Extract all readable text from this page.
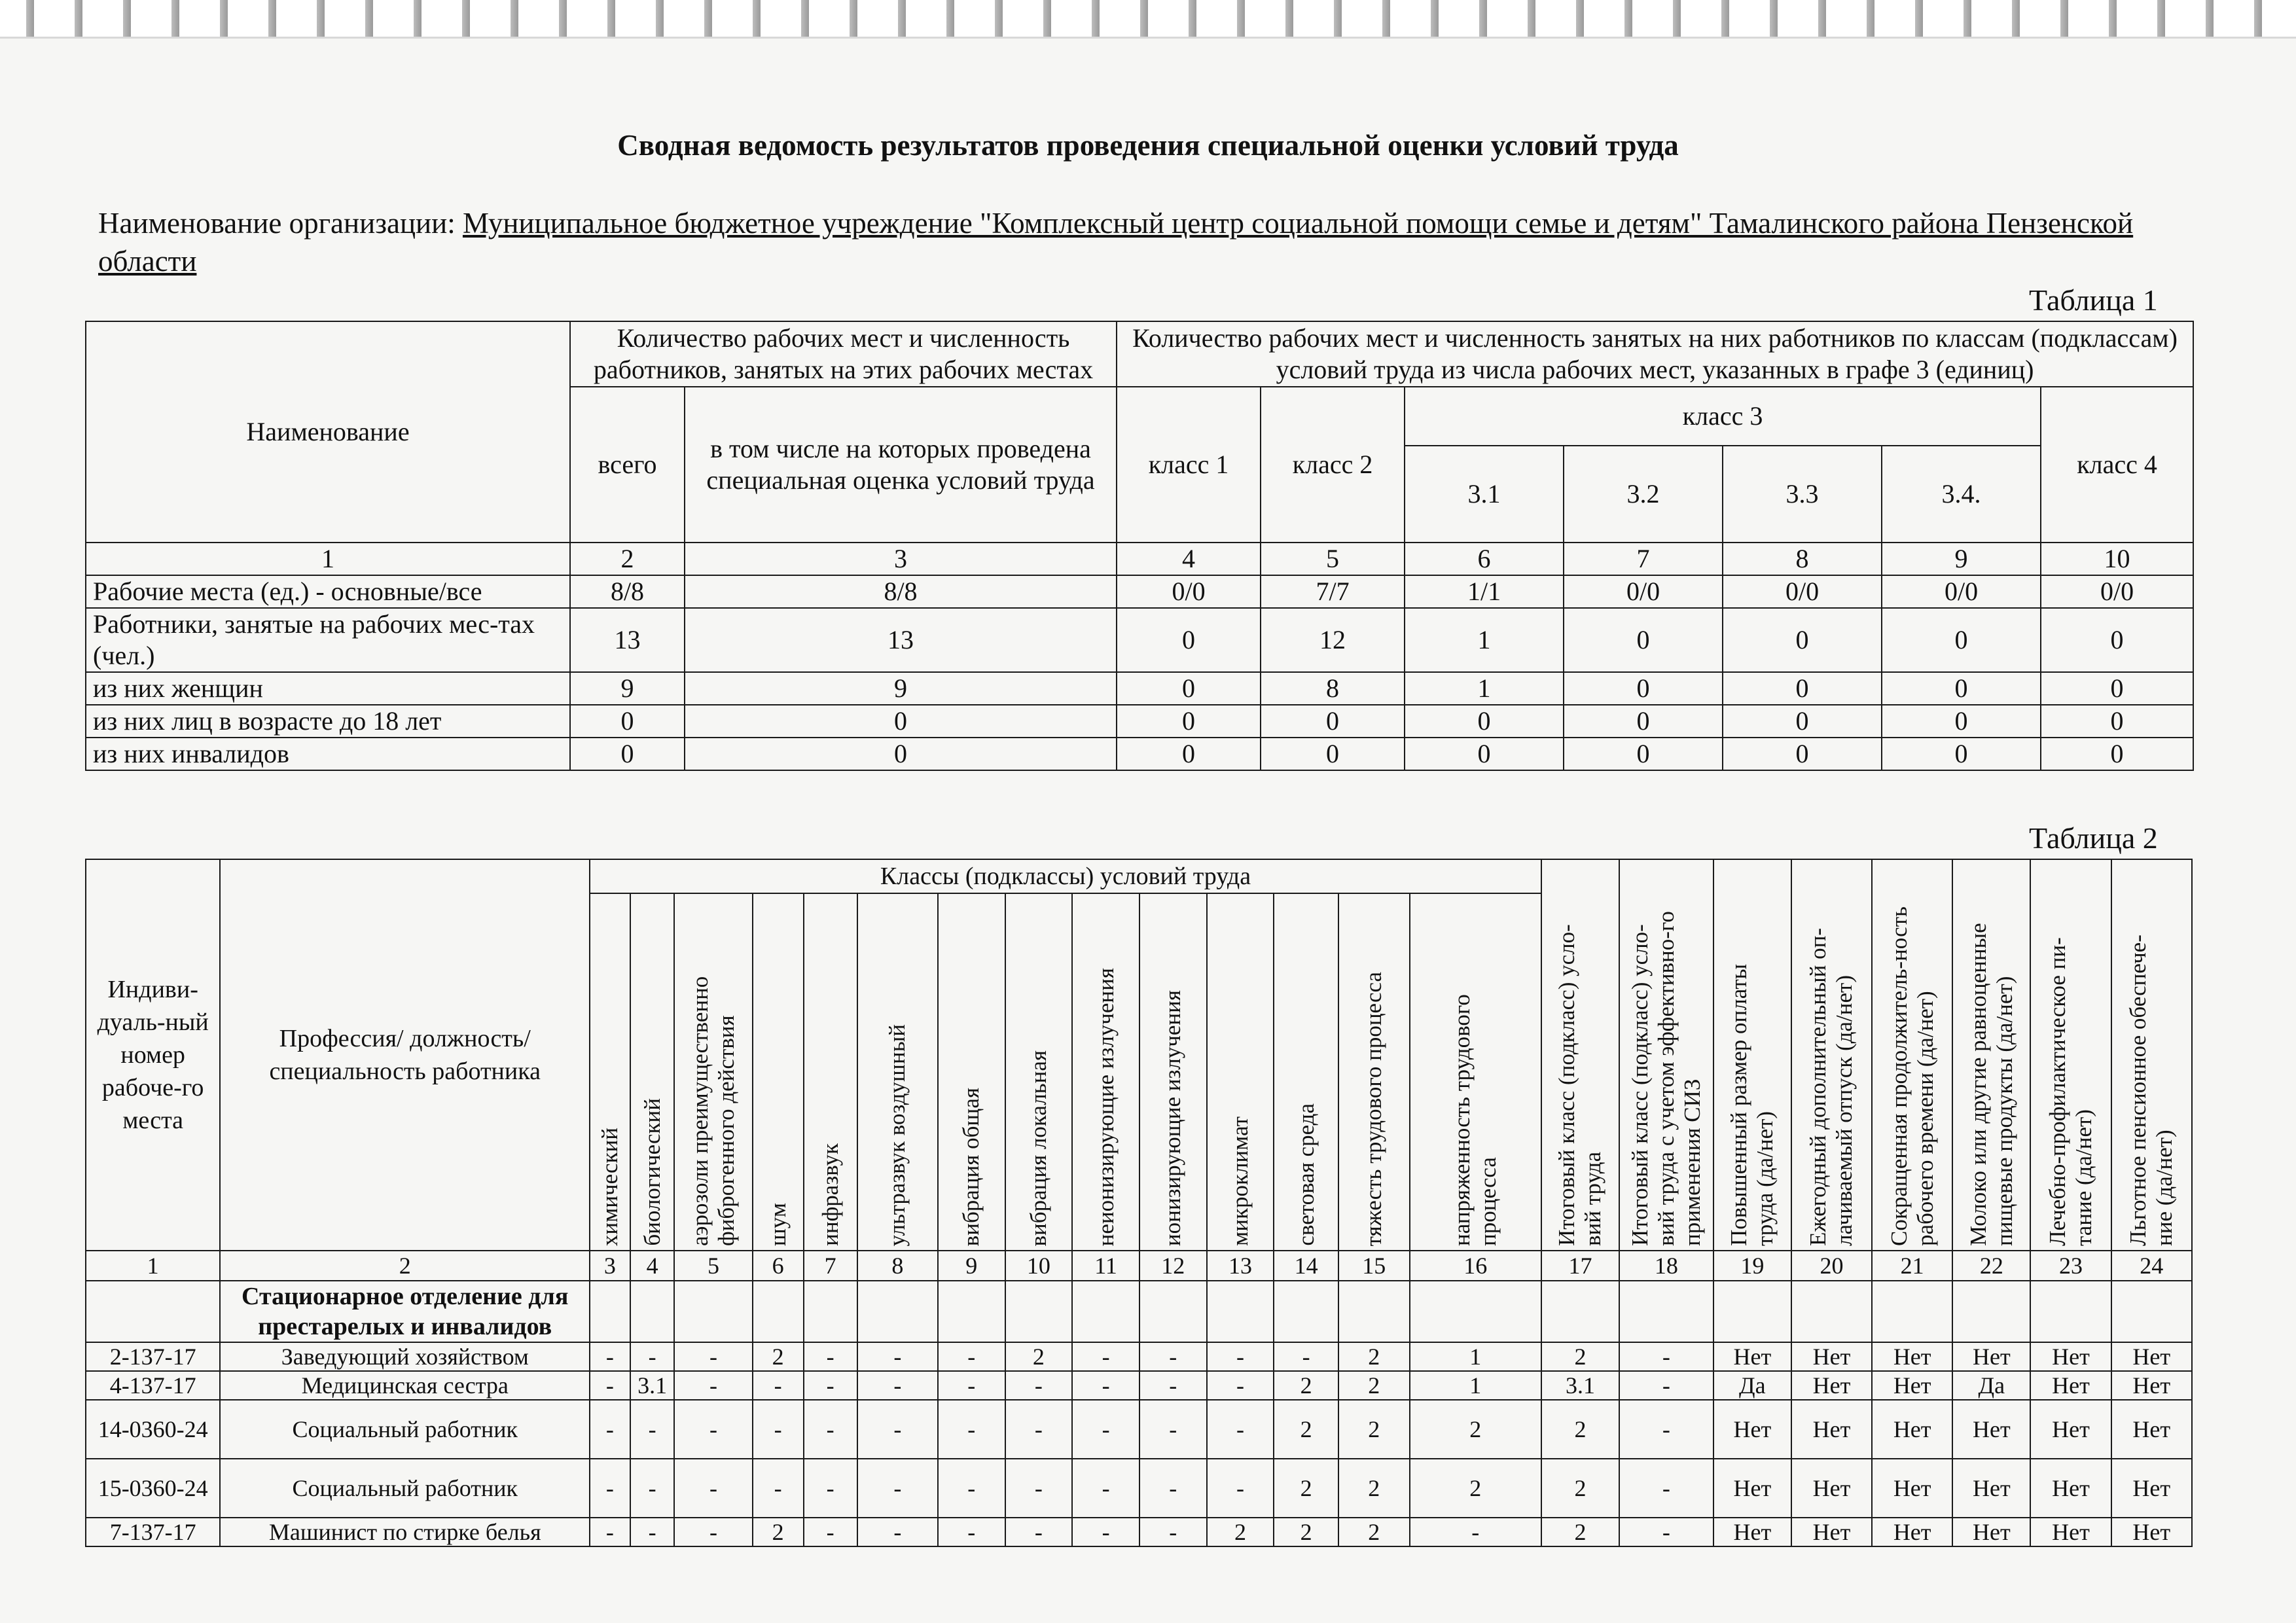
Сводная ведомость результатов проведения специальной оценки условий труда
Наименование организации: Муниципальное бюджетное учреждение "Комплексный центр социальной помощи семье и детям" Тамалинского района Пензенской области
Таблица 1
Наименование	Количество рабочих мест и численность работников, занятых на этих рабочих местах		Количество рабочих мест и численность занятых на них работников по классам (подклассам) условий труда из числа рабочих мест, указанных в графе 3 (единиц)						
	всего	в том числе на которых проведена специальная оценка условий труда	класс 1	класс 2	класс 3				класс 4
					3.1	3.2	3.3	3.4.	
1	2	3	4	5	6	7	8	9	10
Рабочие места (ед.) - основные/все	8/8	8/8	0/0	7/7	1/1	0/0	0/0	0/0	0/0
Работники, занятые на рабочих мес-тах (чел.)	13	13	0	12	1	0	0	0	0
из них женщин	9	9	0	8	1	0	0	0	0
из них лиц в возрасте до 18 лет	0	0	0	0	0	0	0	0	0
из них инвалидов	0	0	0	0	0	0	0	0	0
Таблица 2
Индиви-дуаль-ный номер рабоче-го места	Профессия/ должность/ специальность работника	Классы (подклассы) условий труда														Итоговый класс (подкласс) усло-вий труда	Итоговый класс (подкласс) усло-вий труда с учетом эффективно-го применения СИЗ	Повышенный размер оплаты труда (да/нет)	Ежегодный дополнительный оп-лачиваемый отпуск (да/нет)	Сокращенная продолжитель-ность рабочего времени (да/нет)	Молоко или другие равноценные пищевые продукты (да/нет)	Лечебно-профилактическое пи-тание (да/нет)	Льготное пенсионное обеспече-ние (да/нет)

		химический	биологический	аэрозоли преимущественно фиброгенного действия	шум	инфразвук	ультразвук воздушный	вибрация общая	вибрация локальная	неионизирующие излучения	ионизирующие излучения	микроклимат	световая среда	тяжесть трудового процесса	напряженность трудового процесса								

1	2	3	4	5	6	7	8	9	10	11	12	13	14	15	16	17	18	19	20	21	22	23	24
	Стационарное отделение для престарелых и инвалидов																						
2-137-17	Заведующий хозяйством	-	-	-	2	-	-	-	2	-	-	-	-	2	1	2	-	Нет	Нет	Нет	Нет	Нет	Нет
4-137-17	Медицинская сестра	-	3.1	-	-	-	-	-	-	-	-	-	2	2	1	3.1	-	Да	Нет	Нет	Да	Нет	Нет
14-0360-24	Социальный работник	-	-	-	-	-	-	-	-	-	-	-	2	2	2	2	-	Нет	Нет	Нет	Нет	Нет	Нет
15-0360-24	Социальный работник	-	-	-	-	-	-	-	-	-	-	-	2	2	2	2	-	Нет	Нет	Нет	Нет	Нет	Нет
7-137-17	Машинист по стирке белья	-	-	-	2	-	-	-	-	-	-	2	2	2	-	2	-	Нет	Нет	Нет	Нет	Нет	Нет
